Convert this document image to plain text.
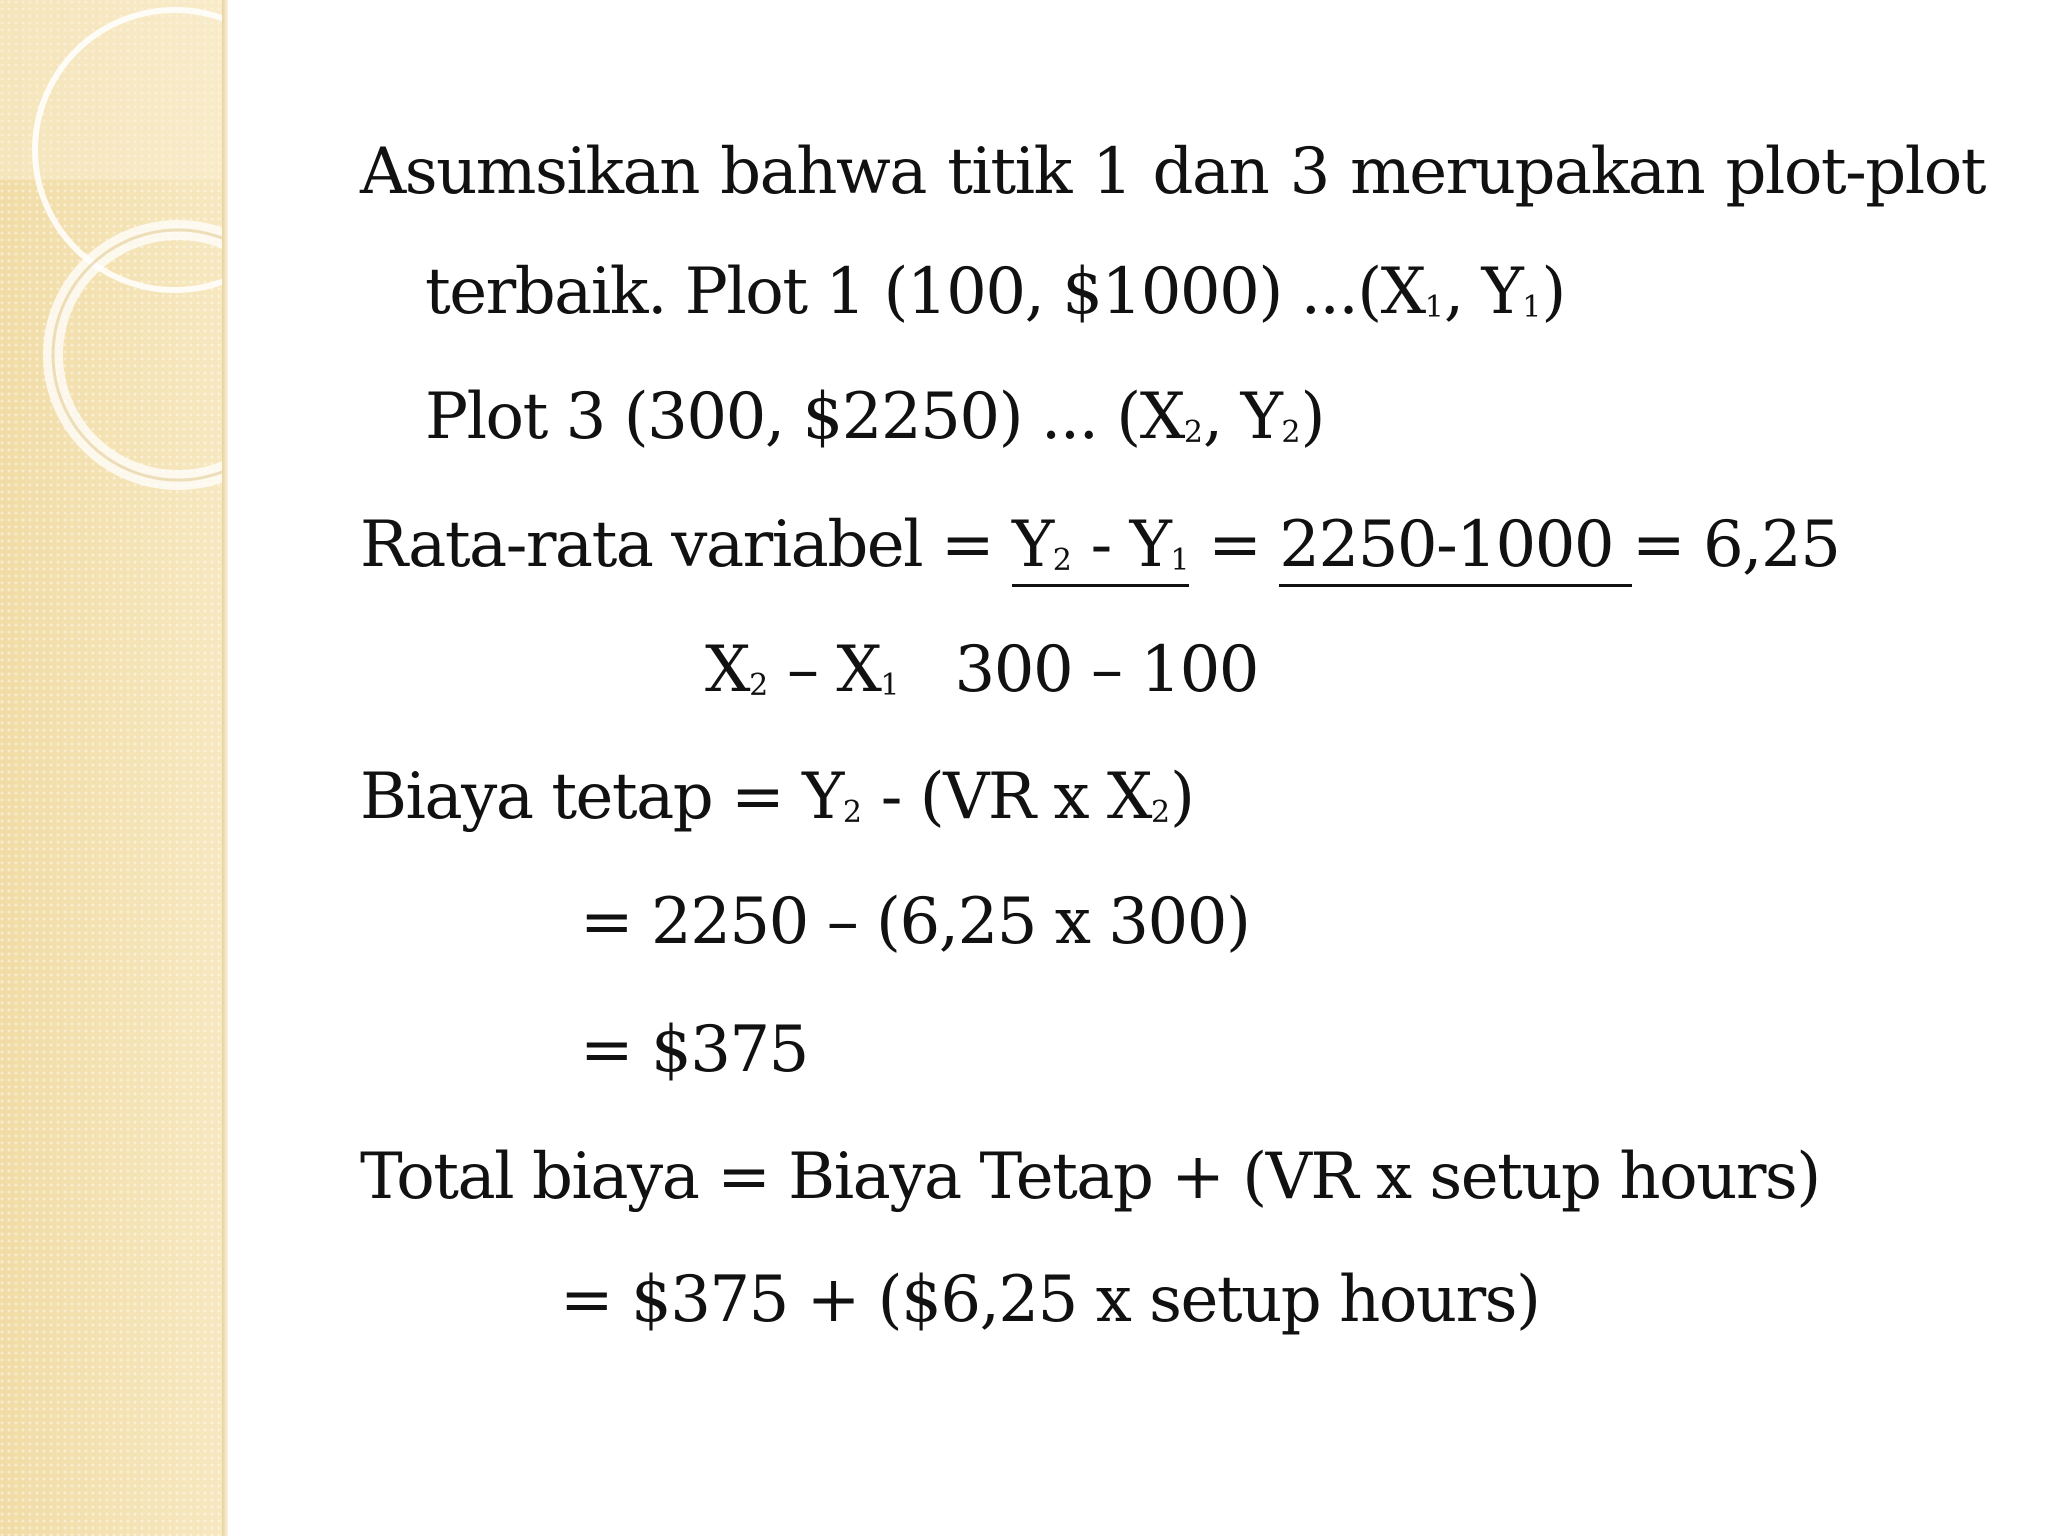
Asumsikan bahwa titik 1 dan 3 merupakan plot-plot
terbaik. Plot 1 (100, $1000) $...(X_1$, $Y_1$)
Plot 3 (300, $2250) ... ($X_2$, $Y_2$)
Rata-rata variabel = $Y_2 - Y_1 = 2250-1000 = 6,25$
$X_2 - X_1$ 300 – 100
Biaya tetap = $Y_2 - (VR$ x $X_2$)
= 2250 – (6,25 x 300)
= $375
Total biaya = Biaya Tetap + (VR x setup hours)
= $375 + ($6,25 x setup hours)
